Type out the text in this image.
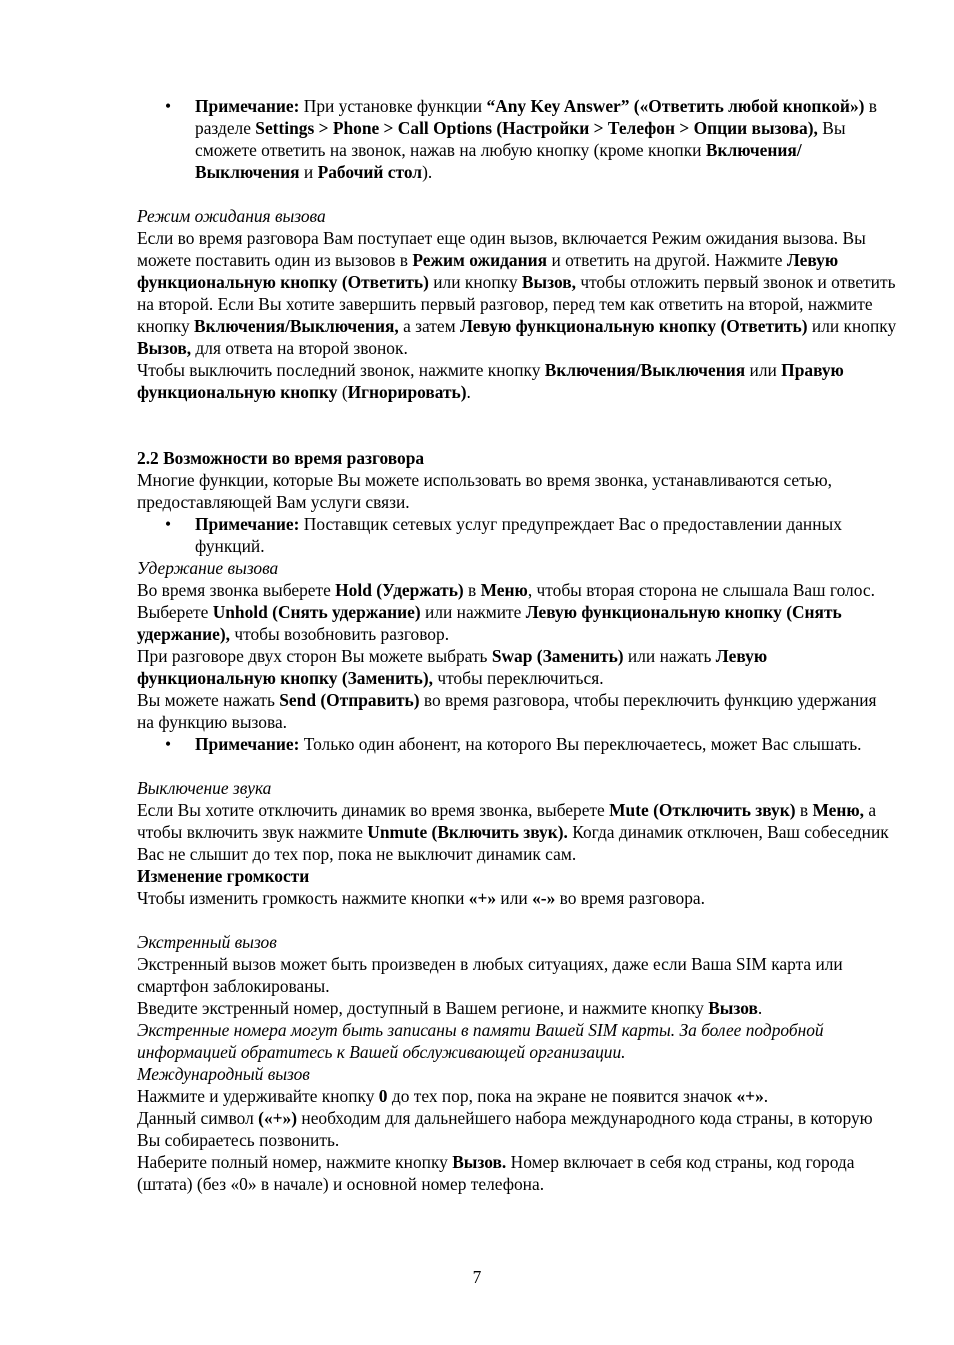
• Примечание: При установке функции “Any Key Answer” («Ответить любой кнопкой») в разделе Settings > Phone > Call Options (Настройки > Телефон > Опции вызова), Вы сможете ответить на звонок, нажав на любую кнопку (кроме кнопки Включения/Выключения и Рабочий стол).

Режим ожидания вызова

Если во время разговора Вам поступает еще один вызов, включается Режим ожидания вызова. Вы можете поставить один из вызовов в Режим ожидания и ответить на другой. Нажмите Левую функциональную кнопку (Ответить) или кнопку Вызов, чтобы отложить первый звонок и ответить на второй. Если Вы хотите завершить первый разговор, перед тем как ответить на второй, нажмите кнопку Включения/Выключения, а затем Левую функциональную кнопку (Ответить) или кнопку Вызов, для ответа на второй звонок.

Чтобы выключить последний звонок, нажмите кнопку Включения/Выключения или Правую функциональную кнопку (Игнорировать).

2.2 Возможности во время разговора

Многие функции, которые Вы можете использовать во время звонка, устанавливаются сетью, предоставляющей Вам услуги связи.

• Примечание: Поставщик сетевых услуг предупреждает Вас о предоставлении данных функций.

Удержание вызова

Во время звонка выберете Hold (Удержать) в Меню, чтобы вторая сторона не слышала Ваш голос. Выберете Unhold (Снять удержание) или нажмите Левую функциональную кнопку (Снять удержание), чтобы возобновить разговор.

При разговоре двух сторон Вы можете выбрать Swap (Заменить) или нажать Левую функциональную кнопку (Заменить), чтобы переключиться.

Вы можете нажать Send (Отправить) во время разговора, чтобы переключить функцию удержания на функцию вызова.

• Примечание: Только один абонент, на которого Вы переключаетесь, может Вас слышать.

Выключение звука

Если Вы хотите отключить динамик во время звонка, выберете Mute (Отключить звук) в Меню, а чтобы включить звук нажмите Unmute (Включить звук). Когда динамик отключен, Ваш собеседник Вас не слышит до тех пор, пока не выключит динамик сам.

Изменение громкости

Чтобы изменить громкость нажмите кнопки «+» или «-» во время разговора.

Экстренный вызов

Экстренный вызов может быть произведен в любых ситуациях, даже если Ваша SIM карта или смартфон заблокированы.

Введите экстренный номер, доступный в Вашем регионе, и нажмите кнопку Вызов.

Экстренные номера могут быть записаны в памяти Вашей SIM карты. За более подробной информацией обратитесь к Вашей обслуживающей организации.

Международный вызов

Нажмите и удерживайте кнопку 0 до тех пор, пока на экране не появится значок «+».

Данный символ («+») необходим для дальнейшего набора международного кода страны, в которую Вы собираетесь позвонить.

Наберите полный номер, нажмите кнопку Вызов. Номер включает в себя код страны, код города (штата) (без «0» в начале) и основной номер телефона.

7
